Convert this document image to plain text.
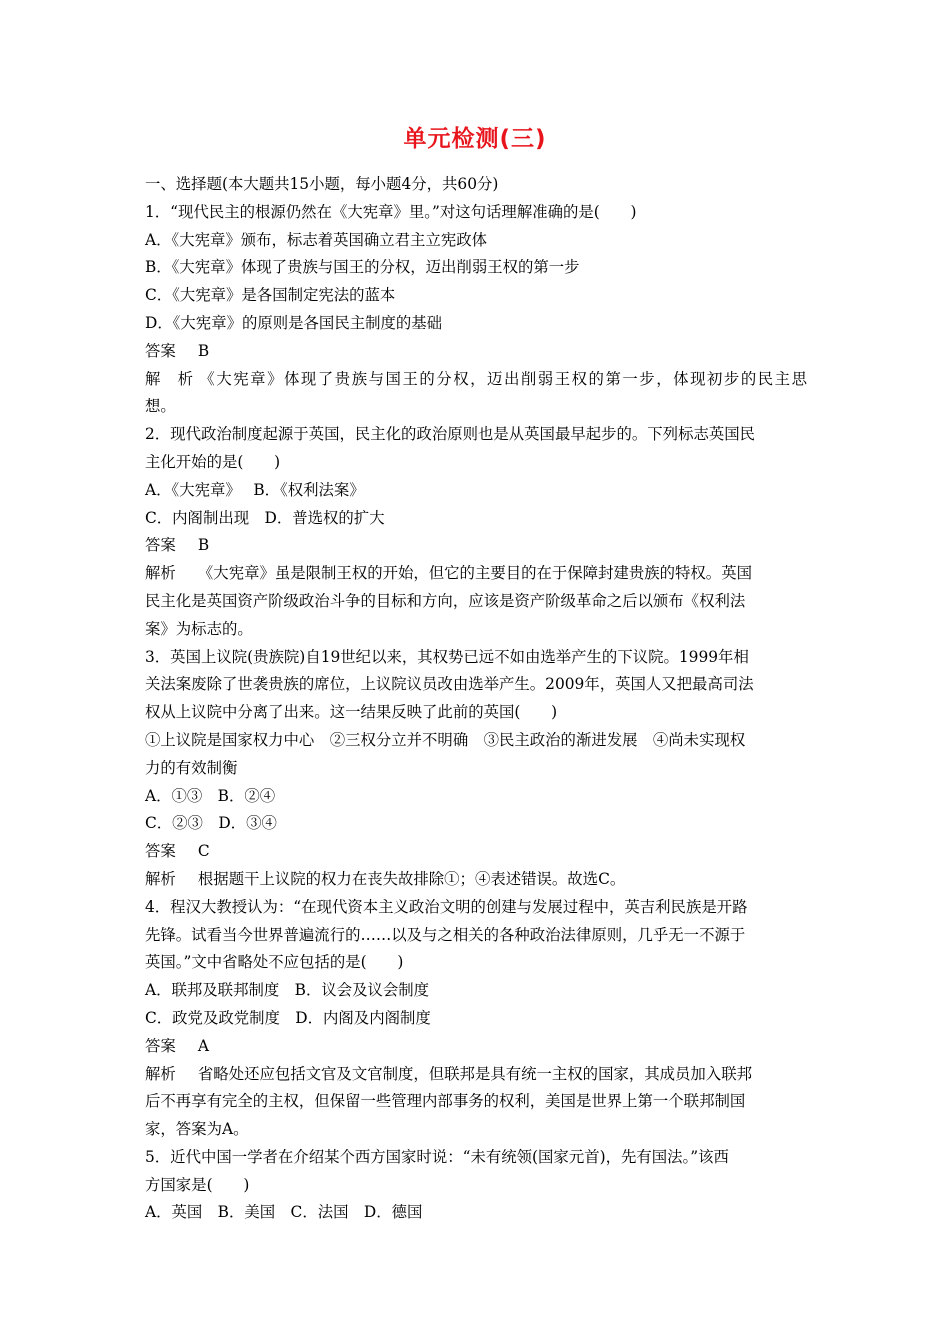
单元检测(三)
一、选择题(本大题共15小题，每小题4分，共60分)
1．“现代民主的根源仍然在《大宪章》里。”对这句话理解准确的是(　　)
A．《大宪章》颁布，标志着英国确立君主立宪政体
B．《大宪章》体现了贵族与国王的分权，迈出削弱王权的第一步
C．《大宪章》是各国制定宪法的蓝本
D．《大宪章》的原则是各国民主制度的基础
答案 B
解析 《大宪章》体现了贵族与国王的分权，迈出削弱王权的第一步，体现初步的民主思
想。
2．现代政治制度起源于英国，民主化的政治原则也是从英国最早起步的。下列标志英国民
主化开始的是(　　)
A．《大宪章》　 B．《权利法案》
C．内阁制出现　D．普选权的扩大
答案 B
解析 《大宪章》虽是限制王权的开始，但它的主要目的在于保障封建贵族的特权。英国
民主化是英国资产阶级政治斗争的目标和方向，应该是资产阶级革命之后以颁布《权利法
案》为标志的。
3．英国上议院(贵族院)自19世纪以来，其权势已远不如由选举产生的下议院。1999年相
关法案废除了世袭贵族的席位，上议院议员改由选举产生。2009年，英国人又把最高司法
权从上议院中分离了出来。这一结果反映了此前的英国(　　)
①上议院是国家权力中心　②三权分立并不明确　③民主政治的渐进发展　④尚未实现权
力的有效制衡
A．①③　B．②④
C．②③　D．③④
答案 C
解析 根据题干上议院的权力在丧失故排除①；④表述错误。故选C。
4．程汉大教授认为：“在现代资本主义政治文明的创建与发展过程中，英吉利民族是开路
先锋。试看当今世界普遍流行的……以及与之相关的各种政治法律原则，几乎无一不源于
英国。”文中省略处不应包括的是(　　)
A．联邦及联邦制度　B．议会及议会制度
C．政党及政党制度　D．内阁及内阁制度
答案 A
解析 省略处还应包括文官及文官制度，但联邦是具有统一主权的国家，其成员加入联邦
后不再享有完全的主权，但保留一些管理内部事务的权利，美国是世界上第一个联邦制国
家，答案为A。
5．近代中国一学者在介绍某个西方国家时说：“未有统领(国家元首)，先有国法。”该西
方国家是(　　)
A．英国　B．美国　C．法国　D．德国
